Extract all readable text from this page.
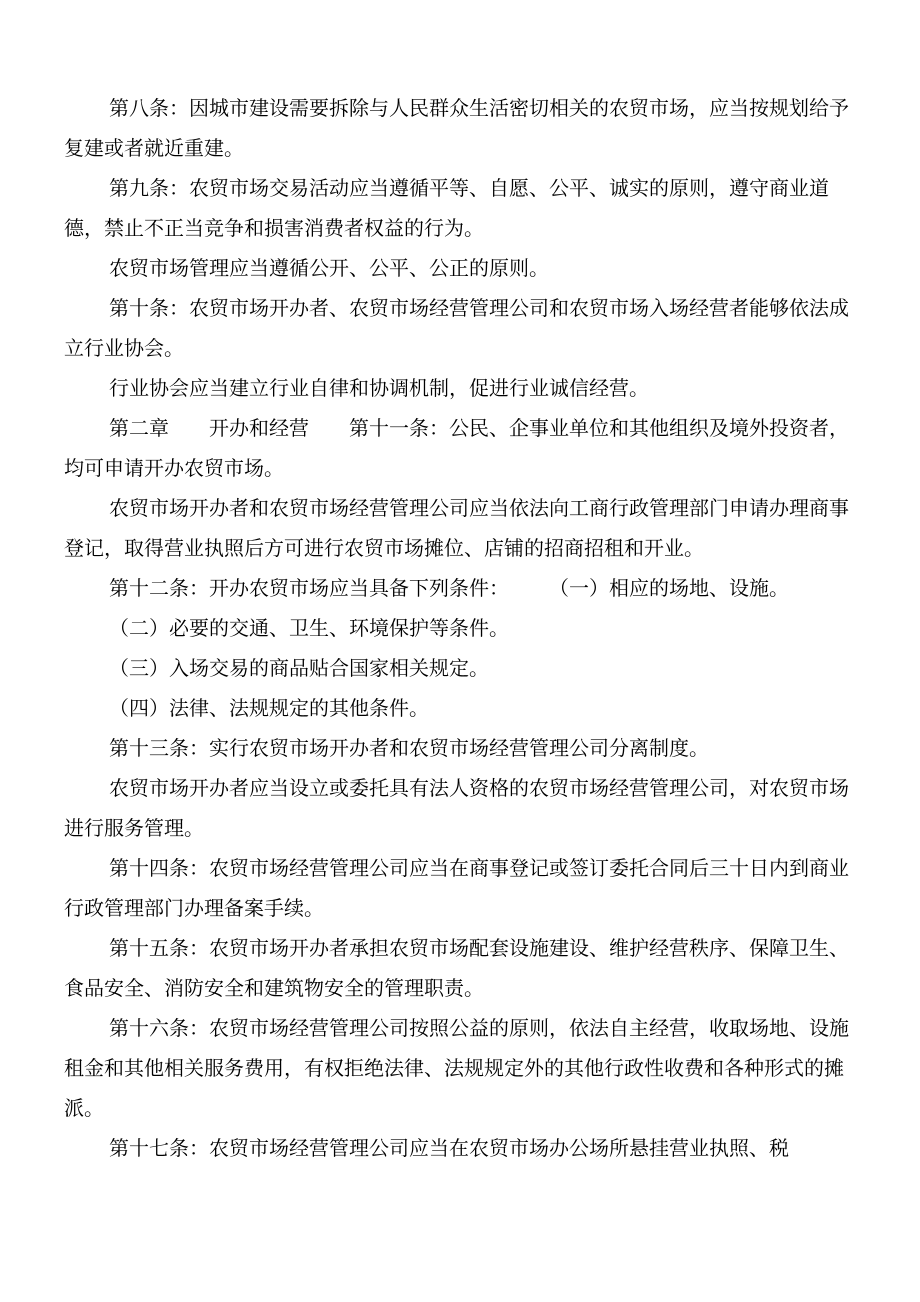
第八条：因城市建设需要拆除与人民群众生活密切相关的农贸市场，应当按规划给予复建或者就近重建。

第九条：农贸市场交易活动应当遵循平等、自愿、公平、诚实的原则，遵守商业道德，禁止不正当竞争和损害消费者权益的行为。

农贸市场管理应当遵循公开、公平、公正的原则。

第十条：农贸市场开办者、农贸市场经营管理公司和农贸市场入场经营者能够依法成立行业协会。

行业协会应当建立行业自律和协调机制，促进行业诚信经营。

第二章　　开办和经营　　第十一条：公民、企事业单位和其他组织及境外投资者，均可申请开办农贸市场。

农贸市场开办者和农贸市场经营管理公司应当依法向工商行政管理部门申请办理商事登记，取得营业执照后方可进行农贸市场摊位、店铺的招商招租和开业。

第十二条：开办农贸市场应当具备下列条件：　　　（一）相应的场地、设施。

（二）必要的交通、卫生、环境保护等条件。

（三）入场交易的商品贴合国家相关规定。

（四）法律、法规规定的其他条件。

第十三条：实行农贸市场开办者和农贸市场经营管理公司分离制度。

农贸市场开办者应当设立或委托具有法人资格的农贸市场经营管理公司，对农贸市场进行服务管理。

第十四条：农贸市场经营管理公司应当在商事登记或签订委托合同后三十日内到商业行政管理部门办理备案手续。

第十五条：农贸市场开办者承担农贸市场配套设施建设、维护经营秩序、保障卫生、食品安全、消防安全和建筑物安全的管理职责。

第十六条：农贸市场经营管理公司按照公益的原则，依法自主经营，收取场地、设施租金和其他相关服务费用，有权拒绝法律、法规规定外的其他行政性收费和各种形式的摊派。

第十七条：农贸市场经营管理公司应当在农贸市场办公场所悬挂营业执照、税
